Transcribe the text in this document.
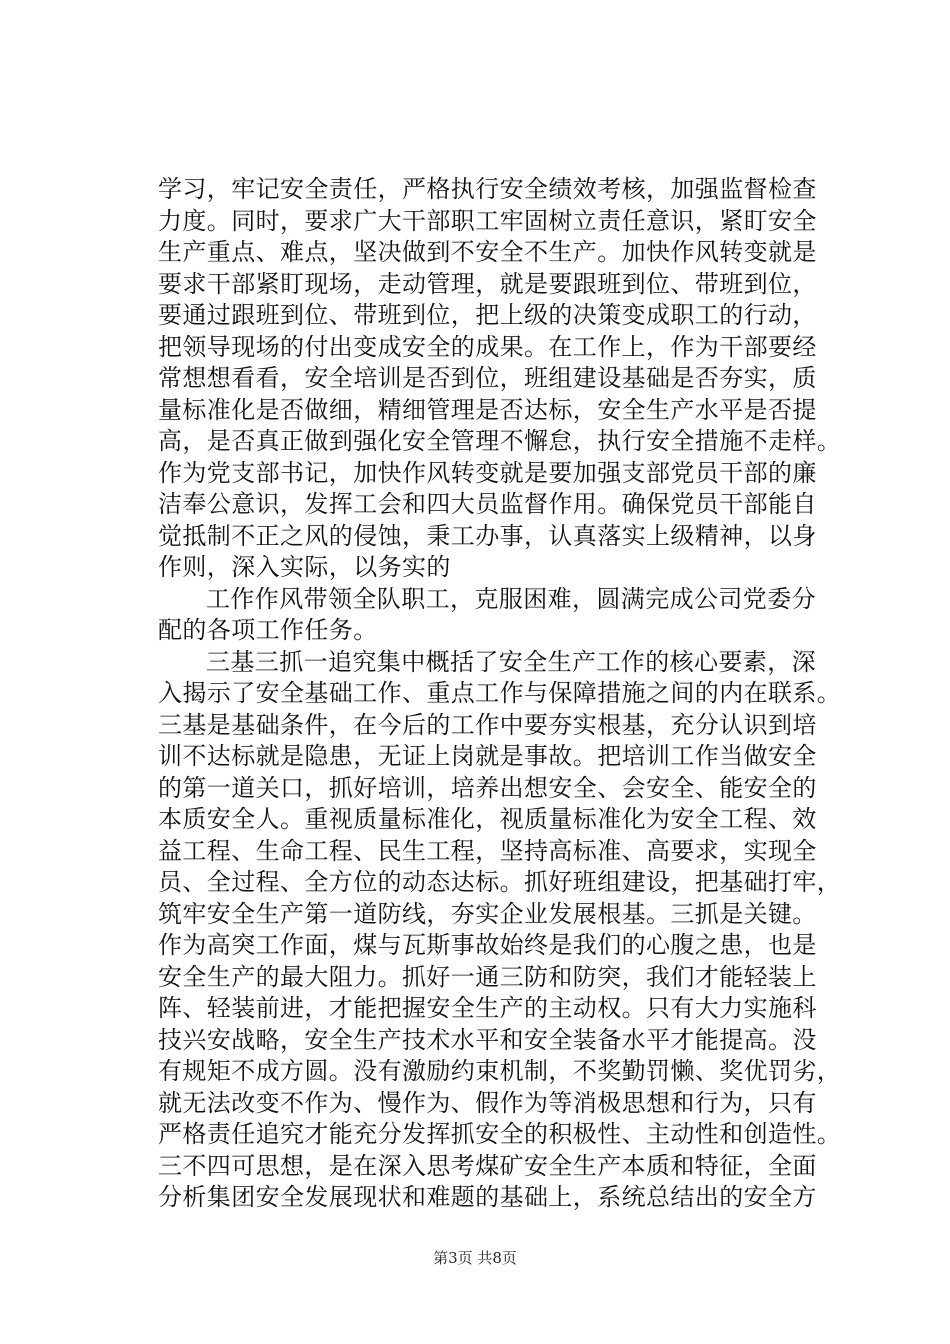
学习，牢记安全责任，严格执行安全绩效考核，加强监督检查
力度。同时，要求广大干部职工牢固树立责任意识，紧盯安全
生产重点、难点，坚决做到不安全不生产。加快作风转变就是
要求干部紧盯现场，走动管理，就是要跟班到位、带班到位，
要通过跟班到位、带班到位，把上级的决策变成职工的行动，
把领导现场的付出变成安全的成果。在工作上，作为干部要经
常想想看看，安全培训是否到位，班组建设基础是否夯实，质
量标准化是否做细，精细管理是否达标，安全生产水平是否提
高，是否真正做到强化安全管理不懈怠，执行安全措施不走样。
作为党支部书记，加快作风转变就是要加强支部党员干部的廉
洁奉公意识，发挥工会和四大员监督作用。确保党员干部能自
觉抵制不正之风的侵蚀，秉工办事，认真落实上级精神，以身
作则，深入实际，以务实的
工作作风带领全队职工，克服困难，圆满完成公司党委分
配的各项工作任务。
三基三抓一追究集中概括了安全生产工作的核心要素，深
入揭示了安全基础工作、重点工作与保障措施之间的内在联系。
三基是基础条件，在今后的工作中要夯实根基，充分认识到培
训不达标就是隐患，无证上岗就是事故。把培训工作当做安全
的第一道关口，抓好培训，培养出想安全、会安全、能安全的
本质安全人。重视质量标准化，视质量标准化为安全工程、效
益工程、生命工程、民生工程，坚持高标准、高要求，实现全
员、全过程、全方位的动态达标。抓好班组建设，把基础打牢，
筑牢安全生产第一道防线，夯实企业发展根基。三抓是关键。
作为高突工作面，煤与瓦斯事故始终是我们的心腹之患，也是
安全生产的最大阻力。抓好一通三防和防突，我们才能轻装上
阵、轻装前进，才能把握安全生产的主动权。只有大力实施科
技兴安战略，安全生产技术水平和安全装备水平才能提高。没
有规矩不成方圆。没有激励约束机制，不奖勤罚懒、奖优罚劣，
就无法改变不作为、慢作为、假作为等消极思想和行为，只有
严格责任追究才能充分发挥抓安全的积极性、主动性和创造性。
三不四可思想，是在深入思考煤矿安全生产本质和特征，全面
分析集团安全发展现状和难题的基础上，系统总结出的安全方
第3页 共8页
